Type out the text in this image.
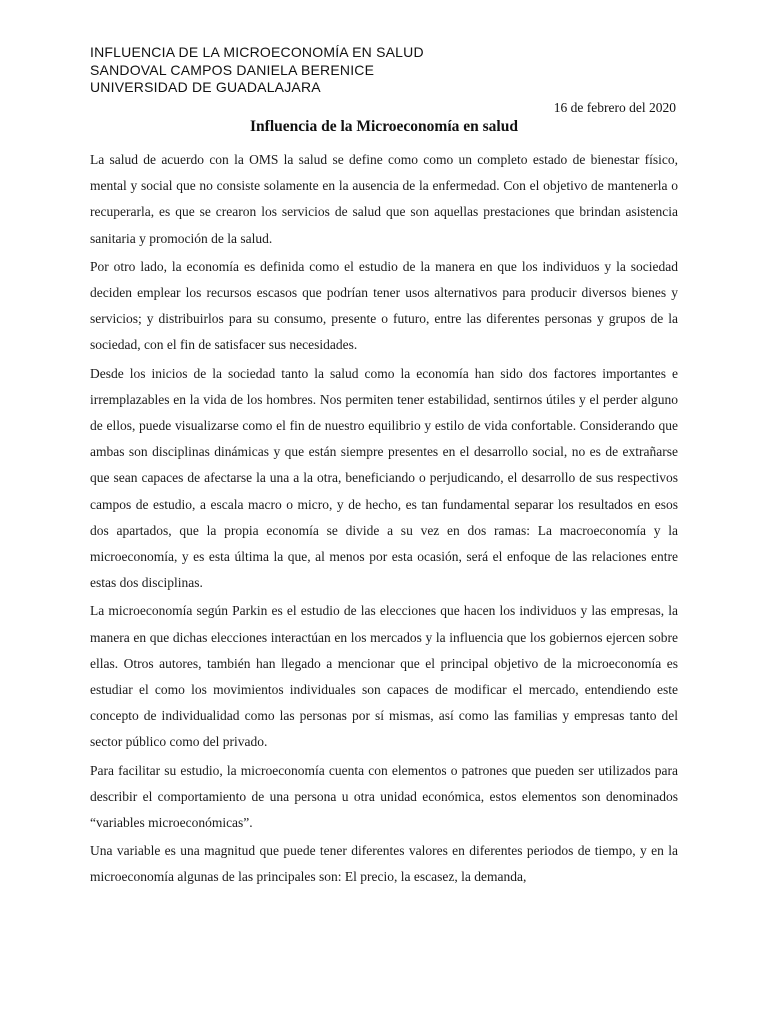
INFLUENCIA DE LA MICROECONOMÍA EN SALUD
SANDOVAL CAMPOS DANIELA BERENICE
UNIVERSIDAD DE GUADALAJARA
16 de febrero del 2020
Influencia de la Microeconomía en salud

La salud de acuerdo con la OMS la salud se define como como un completo estado de bienestar físico, mental y social que no consiste solamente en la ausencia de la enfermedad. Con el objetivo de mantenerla o recuperarla, es que se crearon los servicios de salud que son aquellas prestaciones que brindan asistencia sanitaria y promoción de la salud.

Por otro lado, la economía es definida como el estudio de la manera en que los individuos y la sociedad deciden emplear los recursos escasos que podrían tener usos alternativos para producir diversos bienes y servicios; y distribuirlos para su consumo, presente o futuro, entre las diferentes personas y grupos de la sociedad, con el fin de satisfacer sus necesidades.

Desde los inicios de la sociedad tanto la salud como la economía han sido dos factores importantes e irremplazables en la vida de los hombres. Nos permiten tener estabilidad, sentirnos útiles y el perder alguno de ellos, puede visualizarse como el fin de nuestro equilibrio y estilo de vida confortable. Considerando que ambas son disciplinas dinámicas y que están siempre presentes en el desarrollo social, no es de extrañarse que sean capaces de afectarse la una a la otra, beneficiando o perjudicando, el desarrollo de sus respectivos campos de estudio, a escala macro o micro, y de hecho, es tan fundamental separar los resultados en esos dos apartados, que la propia economía se divide a su vez en dos ramas: La macroeconomía y la microeconomía, y es esta última la que, al menos por esta ocasión, será el enfoque de las relaciones entre estas dos disciplinas.

La microeconomía según Parkin es el estudio de las elecciones que hacen los individuos y las empresas, la manera en que dichas elecciones interactúan en los mercados y la influencia que los gobiernos ejercen sobre ellas. Otros autores, también han llegado a mencionar que el principal objetivo de la microeconomía es estudiar el como los movimientos individuales son capaces de modificar el mercado, entendiendo este concepto de individualidad como las personas por sí mismas, así como las familias y empresas tanto del sector público como del privado.

Para facilitar su estudio, la microeconomía cuenta con elementos o patrones que pueden ser utilizados para describir el comportamiento de una persona u otra unidad económica, estos elementos son denominados “variables microeconómicas”.

Una variable es una magnitud que puede tener diferentes valores en diferentes periodos de tiempo, y en la microeconomía algunas de las principales son: El precio, la escasez, la demanda,
